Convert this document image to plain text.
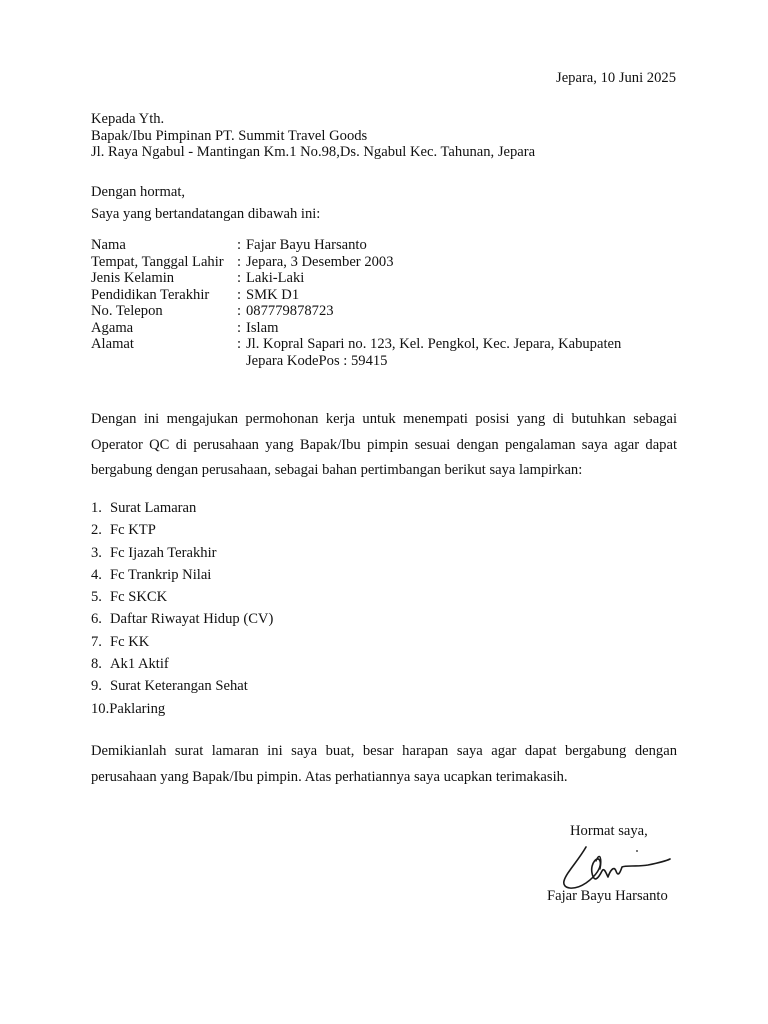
Jepara, 10 Juni 2025
Kepada Yth.
Bapak/Ibu Pimpinan PT. Summit Travel Goods
Jl. Raya Ngabul - Mantingan Km.1 No.98,Ds. Ngabul Kec. Tahunan, Jepara
Dengan hormat,
Saya yang bertandatangan dibawah ini:
Nama	: Fajar Bayu Harsanto
Tempat, Tanggal Lahir : Jepara, 3 Desember 2003
Jenis Kelamin	: Laki-Laki
Pendidikan Terakhir : SMK D1
No. Telepon	: 087779878723
Agama	: Islam
Alamat	: Jl. Kopral Sapari no. 123, Kel. Pengkol, Kec. Jepara, Kabupaten
Jepara KodePos : 59415
Dengan ini mengajukan permohonan kerja untuk menempati posisi yang di butuhkan sebagai Operator QC di perusahaan yang Bapak/Ibu pimpin sesuai dengan pengalaman saya agar dapat bergabung dengan perusahaan, sebagai bahan pertimbangan berikut saya lampirkan:
1. Surat Lamaran
2. Fc KTP
3. Fc Ijazah Terakhir
4. Fc Trankrip Nilai
5. Fc SKCK
6. Daftar Riwayat Hidup (CV)
7. Fc KK
8. Ak1 Aktif
9. Surat Keterangan Sehat
10.Paklaring
Demikianlah surat lamaran ini saya buat, besar harapan saya agar dapat bergabung dengan perusahaan yang Bapak/Ibu pimpin. Atas perhatiannya saya ucapkan terimakasih.
Hormat saya,
Fajar Bayu Harsanto
